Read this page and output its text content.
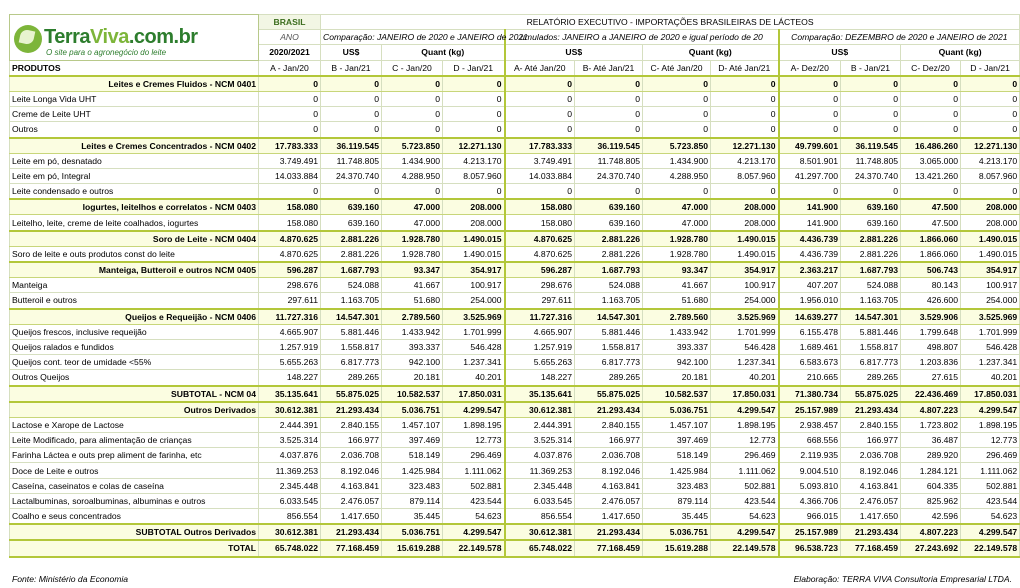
TerraViva.com.br
O site para o agronegócio do leite	BRASIL	RELATÓRIO EXECUTIVO - IMPORTAÇÕES BRASILEIRAS DE LÁCTEOS										
	ANO	Comparação: JANEIRO de 2020 e JANEIRO de 2021			umulados: JANEIRO a JANEIRO de 2020 e igual período de 20				Comparação: DEZEMBRO de 2020 e JANEIRO de 2021			
	2020/2021	US$	Quant (kg)		US$		Quant (kg)		US$		Quant (kg)	
PRODUTOS	A - Jan/20	B - Jan/21	C - Jan/20	D - Jan/21	A- Até Jan/20	B- Até Jan/21	C- Até Jan/20	D- Até Jan/21	A- Dez/20	B - Jan/21	C- Dez/20	D - Jan/21
Leites e Cremes Fluidos - NCM 0401	0	0	0	0	0	0	0	0	0	0	0	0
Leite Longa Vida UHT	0	0	0	0	0	0	0	0	0	0	0	0
Creme de Leite UHT	0	0	0	0	0	0	0	0	0	0	0	0
Outros	0	0	0	0	0	0	0	0	0	0	0	0
Leites e Cremes Concentrados - NCM 0402	17.783.333	36.119.545	5.723.850	12.271.130	17.783.333	36.119.545	5.723.850	12.271.130	49.799.601	36.119.545	16.486.260	12.271.130
Leite em pó, desnatado	3.749.491	11.748.805	1.434.900	4.213.170	3.749.491	11.748.805	1.434.900	4.213.170	8.501.901	11.748.805	3.065.000	4.213.170
Leite em pó, Integral	14.033.884	24.370.740	4.288.950	8.057.960	14.033.884	24.370.740	4.288.950	8.057.960	41.297.700	24.370.740	13.421.260	8.057.960
Leite condensado e outros	0	0	0	0	0	0	0	0	0	0	0	0
Iogurtes, leitelhos e correlatos - NCM 0403	158.080	639.160	47.000	208.000	158.080	639.160	47.000	208.000	141.900	639.160	47.500	208.000
Leitelho, leite, creme de leite coalhados, iogurtes	158.080	639.160	47.000	208.000	158.080	639.160	47.000	208.000	141.900	639.160	47.500	208.000
Soro de Leite - NCM 0404	4.870.625	2.881.226	1.928.780	1.490.015	4.870.625	2.881.226	1.928.780	1.490.015	4.436.739	2.881.226	1.866.060	1.490.015
Soro de leite e outs produtos const do leite	4.870.625	2.881.226	1.928.780	1.490.015	4.870.625	2.881.226	1.928.780	1.490.015	4.436.739	2.881.226	1.866.060	1.490.015
Manteiga, Butteroil e outros NCM 0405	596.287	1.687.793	93.347	354.917	596.287	1.687.793	93.347	354.917	2.363.217	1.687.793	506.743	354.917
Manteiga	298.676	524.088	41.667	100.917	298.676	524.088	41.667	100.917	407.207	524.088	80.143	100.917
Butteroil e outros	297.611	1.163.705	51.680	254.000	297.611	1.163.705	51.680	254.000	1.956.010	1.163.705	426.600	254.000
Queijos e Requeijão - NCM 0406	11.727.316	14.547.301	2.789.560	3.525.969	11.727.316	14.547.301	2.789.560	3.525.969	14.639.277	14.547.301	3.529.906	3.525.969
Queijos frescos, inclusive requeijão	4.665.907	5.881.446	1.433.942	1.701.999	4.665.907	5.881.446	1.433.942	1.701.999	6.155.478	5.881.446	1.799.648	1.701.999
Queijos ralados e fundidos	1.257.919	1.558.817	393.337	546.428	1.257.919	1.558.817	393.337	546.428	1.689.461	1.558.817	498.807	546.428
Queijos cont. teor de umidade <55%	5.655.263	6.817.773	942.100	1.237.341	5.655.263	6.817.773	942.100	1.237.341	6.583.673	6.817.773	1.203.836	1.237.341
Outros Queijos	148.227	289.265	20.181	40.201	148.227	289.265	20.181	40.201	210.665	289.265	27.615	40.201
SUBTOTAL - NCM 04	35.135.641	55.875.025	10.582.537	17.850.031	35.135.641	55.875.025	10.582.537	17.850.031	71.380.734	55.875.025	22.436.469	17.850.031
Outros Derivados	30.612.381	21.293.434	5.036.751	4.299.547	30.612.381	21.293.434	5.036.751	4.299.547	25.157.989	21.293.434	4.807.223	4.299.547
Lactose e Xarope de Lactose	2.444.391	2.840.155	1.457.107	1.898.195	2.444.391	2.840.155	1.457.107	1.898.195	2.938.457	2.840.155	1.723.802	1.898.195
Leite Modificado, para alimentação de crianças	3.525.314	166.977	397.469	12.773	3.525.314	166.977	397.469	12.773	668.556	166.977	36.487	12.773
Farinha Láctea e outs prep aliment de farinha, etc	4.037.876	2.036.708	518.149	296.469	4.037.876	2.036.708	518.149	296.469	2.119.935	2.036.708	289.920	296.469
Doce de Leite e outros	11.369.253	8.192.046	1.425.984	1.111.062	11.369.253	8.192.046	1.425.984	1.111.062	9.004.510	8.192.046	1.284.121	1.111.062
Caseína, caseinatos e colas de caseína	2.345.448	4.163.841	323.483	502.881	2.345.448	4.163.841	323.483	502.881	5.093.810	4.163.841	604.335	502.881
Lactalbuminas, soroalbuminas, albuminas e outros	6.033.545	2.476.057	879.114	423.544	6.033.545	2.476.057	879.114	423.544	4.366.706	2.476.057	825.962	423.544
Coalho e seus concentrados	856.554	1.417.650	35.445	54.623	856.554	1.417.650	35.445	54.623	966.015	1.417.650	42.596	54.623
SUBTOTAL Outros Derivados	30.612.381	21.293.434	5.036.751	4.299.547	30.612.381	21.293.434	5.036.751	4.299.547	25.157.989	21.293.434	4.807.223	4.299.547
TOTAL	65.748.022	77.168.459	15.619.288	22.149.578	65.748.022	77.168.459	15.619.288	22.149.578	96.538.723	77.168.459	27.243.692	22.149.578
Fonte: Ministério da Economia	Elaboração: TERRA VIVA Consultoria Empresarial LTDA.
